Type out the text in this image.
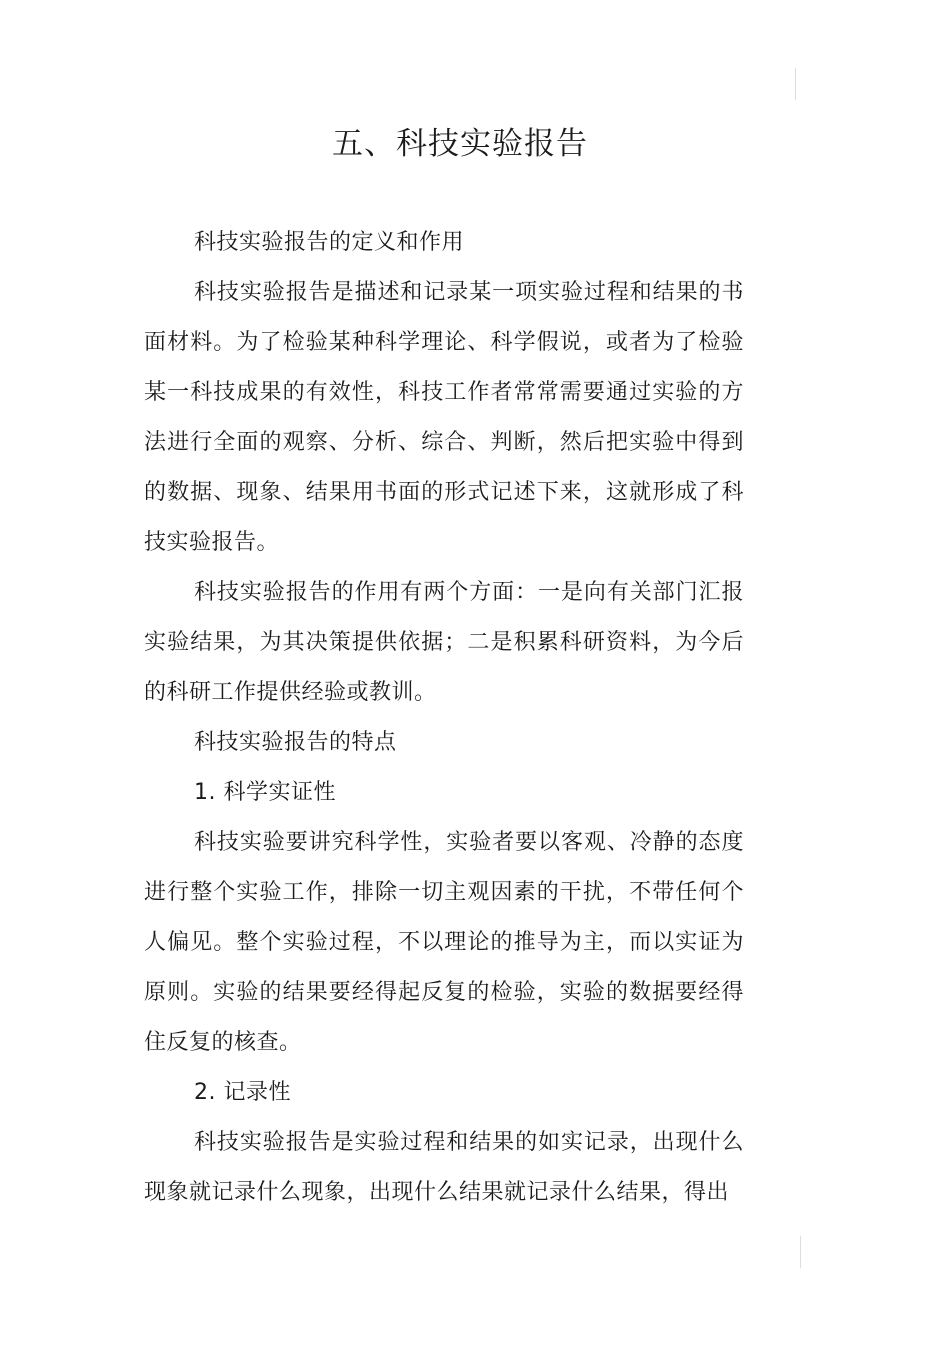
五、科技实验报告

科技实验报告的定义和作用

科技实验报告是描述和记录某一项实验过程和结果的书面材料。为了检验某种科学理论、科学假说，或者为了检验某一科技成果的有效性，科技工作者常常需要通过实验的方法进行全面的观察、分析、综合、判断，然后把实验中得到的数据、现象、结果用书面的形式记述下来，这就形成了科技实验报告。

科技实验报告的作用有两个方面：一是向有关部门汇报实验结果，为其决策提供依据；二是积累科研资料，为今后的科研工作提供经验或教训。

科技实验报告的特点

1. 科学实证性

科技实验要讲究科学性，实验者要以客观、冷静的态度进行整个实验工作，排除一切主观因素的干扰，不带任何个人偏见。整个实验过程，不以理论的推导为主，而以实证为原则。实验的结果要经得起反复的检验，实验的数据要经得住反复的核查。

2. 记录性

科技实验报告是实验过程和结果的如实记录，出现什么现象就记录什么现象，出现什么结果就记录什么结果，得出
